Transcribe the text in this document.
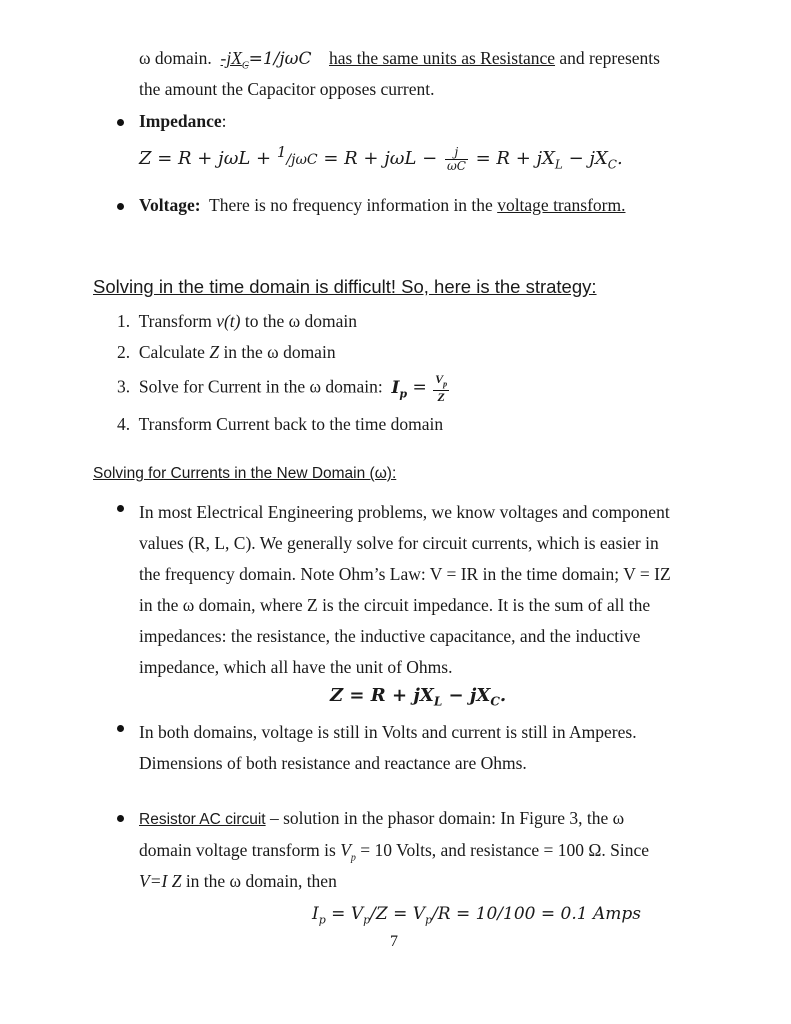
ω domain. $-jX_C=1$/jωC has the same units as Resistance and represents
the amount the Capacitor opposes current.
Impedance:
$Z = R + j\omega L + ^1/j\omega C = R + j\omega L - \frac{j}{\omega C} = R + jX_L - jX_C$.
Voltage: There is no frequency information in the voltage transform.
Solving in the time domain is difficult! So, here is the strategy:
1. Transform v(t) to the ω domain
2. Calculate Z in the ω domain
3. Solve for Current in the ω domain: $I_p = \frac{V_p}{Z}$
4. Transform Current back to the time domain
Solving for Currents in the New Domain (ω):
In most Electrical Engineering problems, we know voltages and component
values (R, L, C). We generally solve for circuit currents, which is easier in
the frequency domain. Note Ohm’s Law: V = IR in the time domain; V = IZ
in the ω domain, where Z is the circuit impedance. It is the sum of all the
impedances: the resistance, the inductive capacitance, and the inductive
impedance, which all have the unit of Ohms.
$Z = R + jX_L - jX_C$.
In both domains, voltage is still in Volts and current is still in Amperes.
Dimensions of both resistance and reactance are Ohms.
Resistor AC circuit – solution in the phasor domain: In Figure 3, the ω
domain voltage transform is $V_p = 10$ Volts, and resistance = 100 Ω. Since
V=I Z in the ω domain, then
$I_p = V_p/Z = V_p/R = 10/100 = 0.1$ Amps
7
